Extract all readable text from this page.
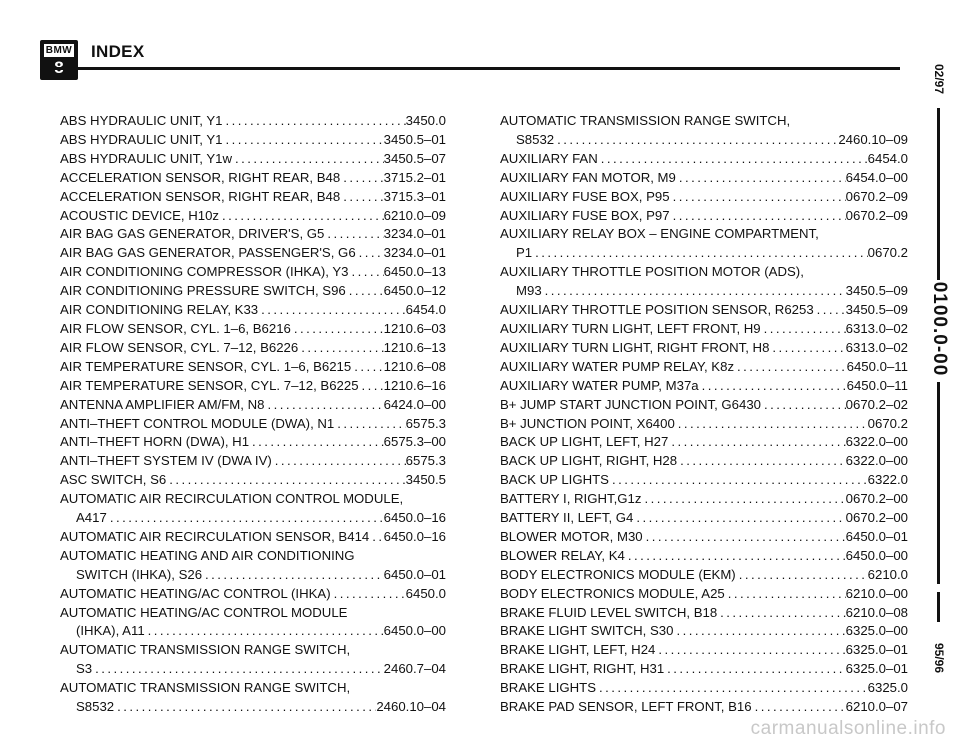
BMW INDEX
ABS HYDRAULIC UNIT, Y1 . . .	3450.0
ABS HYDRAULIC UNIT, Y1 . . .	3450.5–01
ABS HYDRAULIC UNIT, Y1w . . .	3450.5–07
ACCELERATION SENSOR, RIGHT REAR, B48 . . .	3715.2–01
ACCELERATION SENSOR, RIGHT REAR, B48 . . .	3715.3–01
ACOUSTIC DEVICE, H10z . . .	6210.0–09
AIR BAG GAS GENERATOR, DRIVER'S, G5 . . .	3234.0–01
AIR BAG GAS GENERATOR, PASSENGER'S, G6 . . . 3234.0–01
AIR CONDITIONING COMPRESSOR (IHKA), Y3 . . .	6450.0–13
AIR CONDITIONING PRESSURE SWITCH, S96 . . .	6450.0–12
AIR CONDITIONING RELAY, K33 . . .	6454.0
AIR FLOW SENSOR, CYL. 1–6, B6216 . . .	1210.6–03
AIR FLOW SENSOR, CYL. 7–12, B6226 . . .	1210.6–13
AIR TEMPERATURE SENSOR, CYL. 1–6, B6215 . . . 1210.6–08
AIR TEMPERATURE SENSOR, CYL. 7–12, B6225 . . . 1210.6–16
ANTENNA AMPLIFIER AM/FM, N8 . . .	6424.0–00
ANTI–THEFT CONTROL MODULE (DWA), N1 . . .	6575.3
ANTI–THEFT HORN (DWA), H1 . . .	6575.3–00
ANTI–THEFT SYSTEM IV (DWA IV) . . .	6575.3
ASC SWITCH, S6 . . .	3450.5
AUTOMATIC AIR RECIRCULATION CONTROL MODULE,
A417 . . .	6450.0–16
AUTOMATIC AIR RECIRCULATION SENSOR, B414 . . . 6450.0–16
AUTOMATIC HEATING AND AIR CONDITIONING
SWITCH (IHKA), S26 . . .	6450.0–01
AUTOMATIC HEATING/AC CONTROL (IHKA) . . .	6450.0
AUTOMATIC HEATING/AC CONTROL MODULE
(IHKA), A11 . . .	6450.0–00
AUTOMATIC TRANSMISSION RANGE SWITCH,
S3 . . .	2460.7–04
AUTOMATIC TRANSMISSION RANGE SWITCH,
S8532 . . .	2460.10–04
AUTOMATIC TRANSMISSION RANGE SWITCH,
S8532 . . .	2460.10–09
AUXILIARY FAN . . .	6454.0
AUXILIARY FAN MOTOR, M9 . . .	6454.0–00
AUXILIARY FUSE BOX, P95 . . .	0670.2–09
AUXILIARY FUSE BOX, P97 . . .	0670.2–09
AUXILIARY RELAY BOX – ENGINE COMPARTMENT,
P1 . . .	0670.2
AUXILIARY THROTTLE POSITION MOTOR (ADS),
M93 . . .	3450.5–09
AUXILIARY THROTTLE POSITION SENSOR, R6253 . . . 3450.5–09
AUXILIARY TURN LIGHT, LEFT FRONT, H9 . . .	6313.0–02
AUXILIARY TURN LIGHT, RIGHT FRONT, H8 . . .	6313.0–02
AUXILIARY WATER PUMP RELAY, K8z . . .	6450.0–11
AUXILIARY WATER PUMP, M37a . . .	6450.0–11
B+ JUMP START JUNCTION POINT, G6430 . . .	0670.2–02
B+ JUNCTION POINT, X6400 . . .	0670.2
BACK UP LIGHT, LEFT, H27 . . .	6322.0–00
BACK UP LIGHT, RIGHT, H28 . . .	6322.0–00
BACK UP LIGHTS . . .	6322.0
BATTERY I, RIGHT,G1z . . .	0670.2–00
BATTERY II, LEFT, G4 . . .	0670.2–00
BLOWER MOTOR, M30 . . .	6450.0–01
BLOWER RELAY, K4 . . .	6450.0–00
BODY ELECTRONICS MODULE (EKM) . . .	6210.0
BODY ELECTRONICS MODULE, A25 . . .	6210.0–00
BRAKE FLUID LEVEL SWITCH, B18 . . .	6210.0–08
BRAKE LIGHT SWITCH, S30 . . .	6325.0–00
BRAKE LIGHT, LEFT, H24 . . .	6325.0–01
BRAKE LIGHT, RIGHT, H31 . . .	6325.0–01
BRAKE LIGHTS . . .	6325.0
BRAKE PAD SENSOR, LEFT FRONT, B16 . . .	6210.0–07
02/97
0100.0-00
95/96
carmanualsonline.info
